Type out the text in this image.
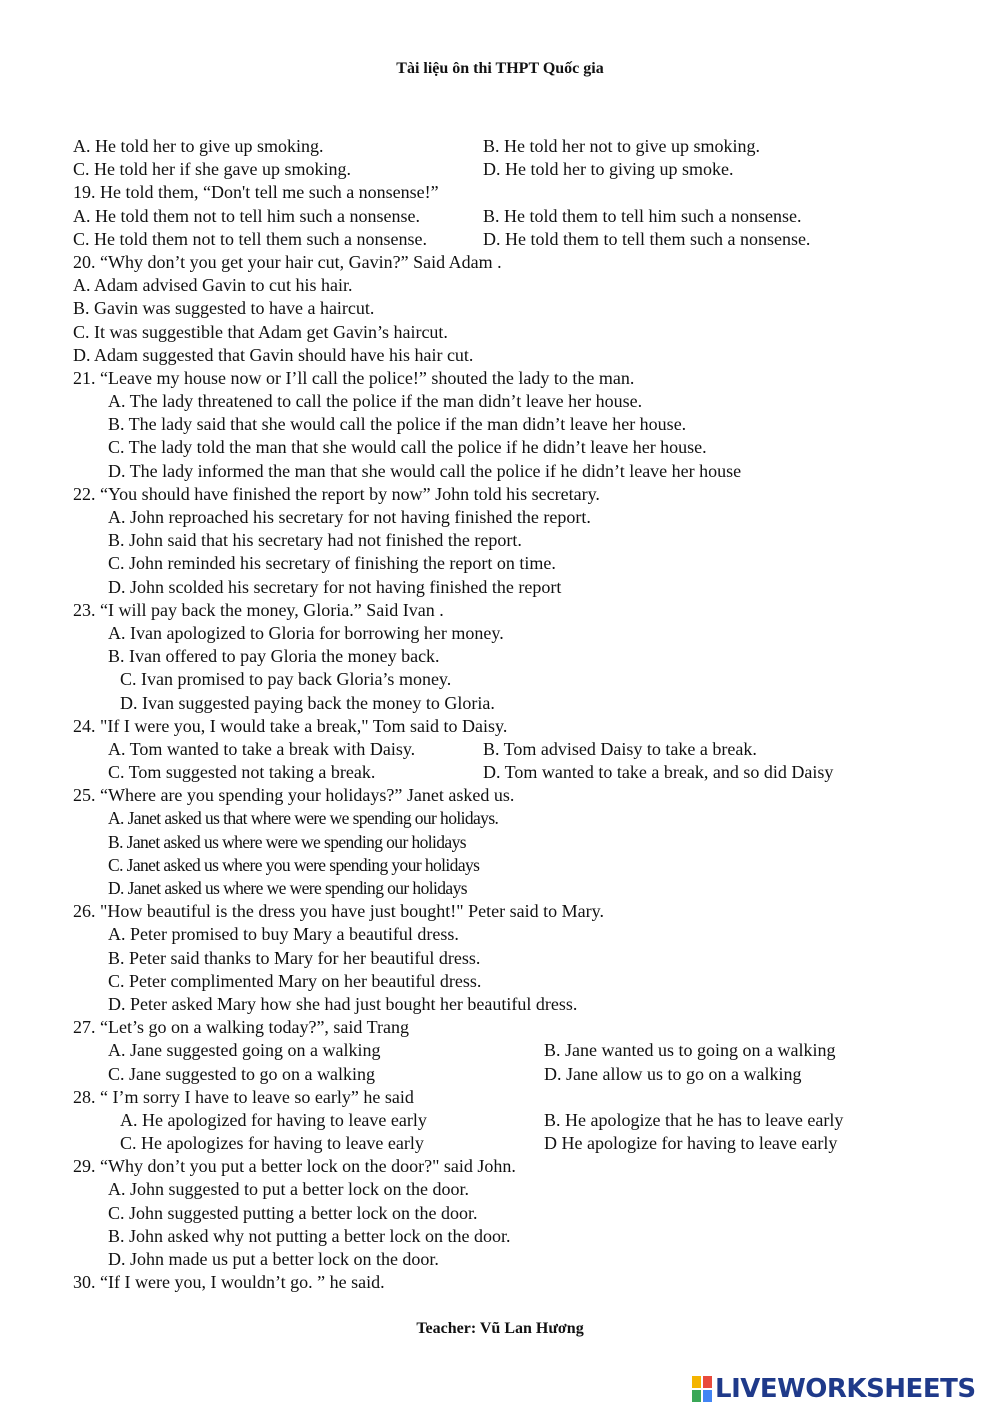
Tài liệu ôn thi THPT Quốc gia
A. He told her to give up smoking.	B. He told her not to give up smoking.
C. He told her if she gave up smoking.	D. He told her to giving up smoke.
19. He told them, “Don't tell me such a nonsense!”
A. He told them not to tell him such a nonsense.	B. He told them to tell him such a nonsense.
C. He told them not to tell them such a nonsense.	D. He told them to tell them such a nonsense.
20. “Why don’t you get your hair cut, Gavin?” Said Adam .
A. Adam advised Gavin to cut his hair.
B. Gavin was suggested to have a haircut.
C. It was suggestible that Adam get Gavin’s haircut.
D. Adam suggested that Gavin should have his hair cut.
21. “Leave my house now or I’ll call the police!” shouted the lady to the man.
A. The lady threatened to call the police if the man didn’t leave her house.
B. The lady said that she would call the police if the man didn’t leave her house.
C. The lady told the man that she would call the police if he didn’t leave her house.
D. The lady informed the man that she would call the police if he didn’t leave her house
22. “You should have finished the report by now” John told his secretary.
A. John reproached his secretary for not having finished the report.
B. John said that his secretary had not finished the report.
C. John reminded his secretary of finishing the report on time.
D. John scolded his secretary for not having finished the report
23. “I will pay back the money, Gloria.” Said Ivan .
A. Ivan apologized to Gloria for borrowing her money.
B. Ivan offered to pay Gloria the money back.
C. Ivan promised to pay back Gloria’s money.
D. Ivan suggested paying back the money to Gloria.
24. "If I were you, I would take a break," Tom said to Daisy.
A. Tom wanted to take a break with Daisy.	B. Tom advised Daisy to take a break.
C. Tom suggested not taking a break.	D. Tom wanted to take a break, and so did Daisy
25. “Where are you spending your holidays?” Janet asked us.
A. Janet asked us that where were we spending our holidays.
B. Janet asked us where were we spending our holidays
C. Janet asked us where you were spending your holidays
D. Janet asked us where we were spending our holidays
26. "How beautiful is the dress you have just bought!" Peter said to Mary.
A. Peter promised to buy Mary a beautiful dress.
B. Peter said thanks to Mary for her beautiful dress.
C. Peter complimented Mary on her beautiful dress.
D. Peter asked Mary how she had just bought her beautiful dress.
27. “Let’s go on a walking today?”, said Trang
A. Jane suggested going on a walking	B. Jane wanted us to going on a walking
C. Jane suggested to go on a walking	D. Jane allow us to go on a walking
28. “ I’m sorry I have to leave so early” he said
A. He apologized for having to leave early	B. He apologize that he has to leave early
C. He apologizes for having to leave early	D He apologize for having to leave early
29. “Why don’t you put a better lock on the door?" said John.
A. John suggested to put a better lock on the door.
C. John suggested putting a better lock on the door.
B. John asked why not putting a better lock on the door.
D. John made us put a better lock on the door.
30. “If I were you, I wouldn’t go. ” he said.
Teacher: Vũ Lan Hương
LIVEWORKSHEETS
